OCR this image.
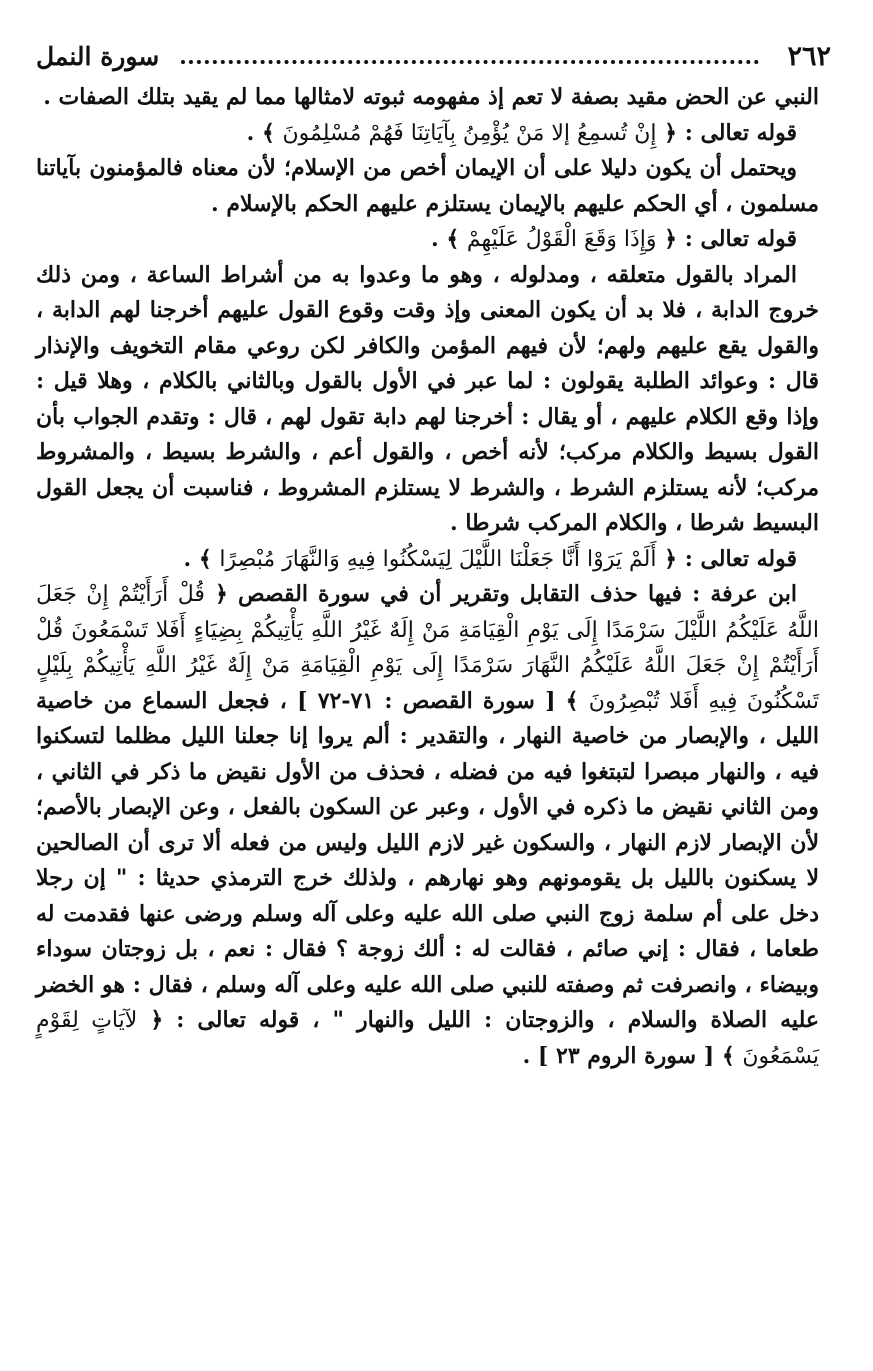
٢٦٢
سورة النمل

النبي عن الحض مقيد بصفة لا تعم إذ مفهومه ثبوته لامثالها مما لم يقيد بتلك الصفات .

قوله تعالى : ﴿ إِنْ تُسمِعُ إلا مَنْ يُؤْمِنُ بِآيَاتِنَا فَهُمْ مُسْلِمُونَ ﴾ .

ويحتمل أن يكون دليلا على أن الإيمان أخص من الإسلام؛ لأن معناه فالمؤمنون بآياتنا مسلمون ، أي الحكم عليهم بالإيمان يستلزم عليهم الحكم بالإسلام .

قوله تعالى : ﴿ وَإِذَا وَقَعَ الْقَوْلُ عَلَيْهِمْ ﴾ .

المراد بالقول متعلقه ، ومدلوله ، وهو ما وعدوا به من أشراط الساعة ، ومن ذلك خروج الدابة ، فلا بد أن يكون المعنى وإذ وقت وقوع القول عليهم أخرجنا لهم الدابة ، والقول يقع عليهم ولهم؛ لأن فيهم المؤمن والكافر لكن روعي مقام التخويف والإنذار قال : وعوائد الطلبة يقولون : لما عبر في الأول بالقول وبالثاني بالكلام ، وهلا قيل : وإذا وقع الكلام عليهم ، أو يقال : أخرجنا لهم دابة تقول لهم ، قال : وتقدم الجواب بأن القول بسيط والكلام مركب؛ لأنه أخص ، والقول أعم ، والشرط بسيط ، والمشروط مركب؛ لأنه يستلزم الشرط ، والشرط لا يستلزم المشروط ، فناسبت أن يجعل القول البسيط شرطا ، والكلام المركب شرطا .

قوله تعالى : ﴿ أَلَمْ يَرَوْا أَنَّا جَعَلْنَا اللَّيْلَ لِيَسْكُنُوا فِيهِ وَالنَّهَارَ مُبْصِرًا ﴾ .

ابن عرفة : فيها حذف التقابل وتقرير أن في سورة القصص ﴿ قُلْ أَرَأَيْتُمْ إِنْ جَعَلَ اللَّهُ عَلَيْكُمُ اللَّيْلَ سَرْمَدًا إِلَى يَوْمِ الْقِيَامَةِ مَنْ إِلَهٌ غَيْرُ اللَّهِ يَأْتِيكُمْ بِضِيَاءٍ أَفَلا تَسْمَعُونَ قُلْ أَرَأَيْتُمْ إِنْ جَعَلَ اللَّهُ عَلَيْكُمُ النَّهَارَ سَرْمَدًا إِلَى يَوْمِ الْقِيَامَةِ مَنْ إِلَهٌ غَيْرُ اللَّهِ يَأْتِيكُمْ بِلَيْلٍ تَسْكُنُونَ فِيهِ أَفَلا تُبْصِرُونَ ﴾ [ سورة القصص : ٧١-٧٢ ] ، فجعل السماع من خاصية الليل ، والإبصار من خاصية النهار ، والتقدير : ألم يروا إنا جعلنا الليل مظلما لتسكنوا فيه ، والنهار مبصرا لتبتغوا فيه من فضله ، فحذف من الأول نقيض ما ذكر في الثاني ، ومن الثاني نقيض ما ذكره في الأول ، وعبر عن السكون بالفعل ، وعن الإبصار بالأصم؛ لأن الإبصار لازم النهار ، والسكون غير لازم الليل وليس من فعله ألا ترى أن الصالحين لا يسكنون بالليل بل يقومونهم وهو نهارهم ، ولذلك خرج الترمذي حديثا : " إن رجلا دخل على أم سلمة زوج النبي صلى الله عليه وعلى آله وسلم ورضى عنها فقدمت له طعاما ، فقال : إني صائم ، فقالت له : ألك زوجة ؟ فقال : نعم ، بل زوجتان سوداء وبيضاء ، وانصرفت ثم وصفته للنبي صلى الله عليه وعلى آله وسلم ، فقال : هو الخضر عليه الصلاة والسلام ، والزوجتان : الليل والنهار " ، قوله تعالى : ﴿ لآيَاتٍ لِقَوْمٍ يَسْمَعُونَ ﴾ [ سورة الروم ٢٣ ] .
